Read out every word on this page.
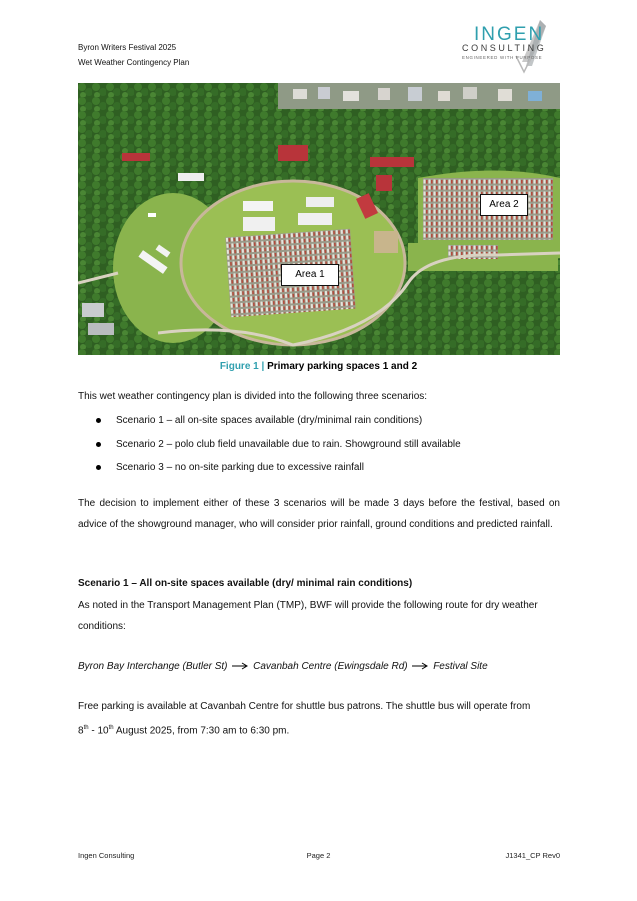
Byron Writers Festival 2025
Wet Weather Contingency Plan
INGEN
CONSULTING
ENGINEERED WITH PURPOSE
Area 1
Area 2
Figure 1 | Primary parking spaces 1 and 2
This wet weather contingency plan is divided into the following three scenarios:
Scenario 1 – all on-site spaces available (dry/minimal rain conditions)
Scenario 2 – polo club field unavailable due to rain. Showground still available
Scenario 3 – no on-site parking due to excessive rainfall
The decision to implement either of these 3 scenarios will be made 3 days before the festival, based on advice of the showground manager, who will consider prior rainfall, ground conditions and predicted rainfall.
Scenario 1 – All on-site spaces available (dry/ minimal rain conditions)
As noted in the Transport Management Plan (TMP), BWF will provide the following route for dry weather conditions:
Byron Bay Interchange (Butler St)	Cavanbah Centre (Ewingsdale Rd)	Festival Site
Free parking is available at Cavanbah Centre for shuttle bus patrons. The shuttle bus will operate from
8th - 10th August 2025, from 7:30 am to 6:30 pm.
Ingen Consulting	Page 2	J1341_CP Rev0
